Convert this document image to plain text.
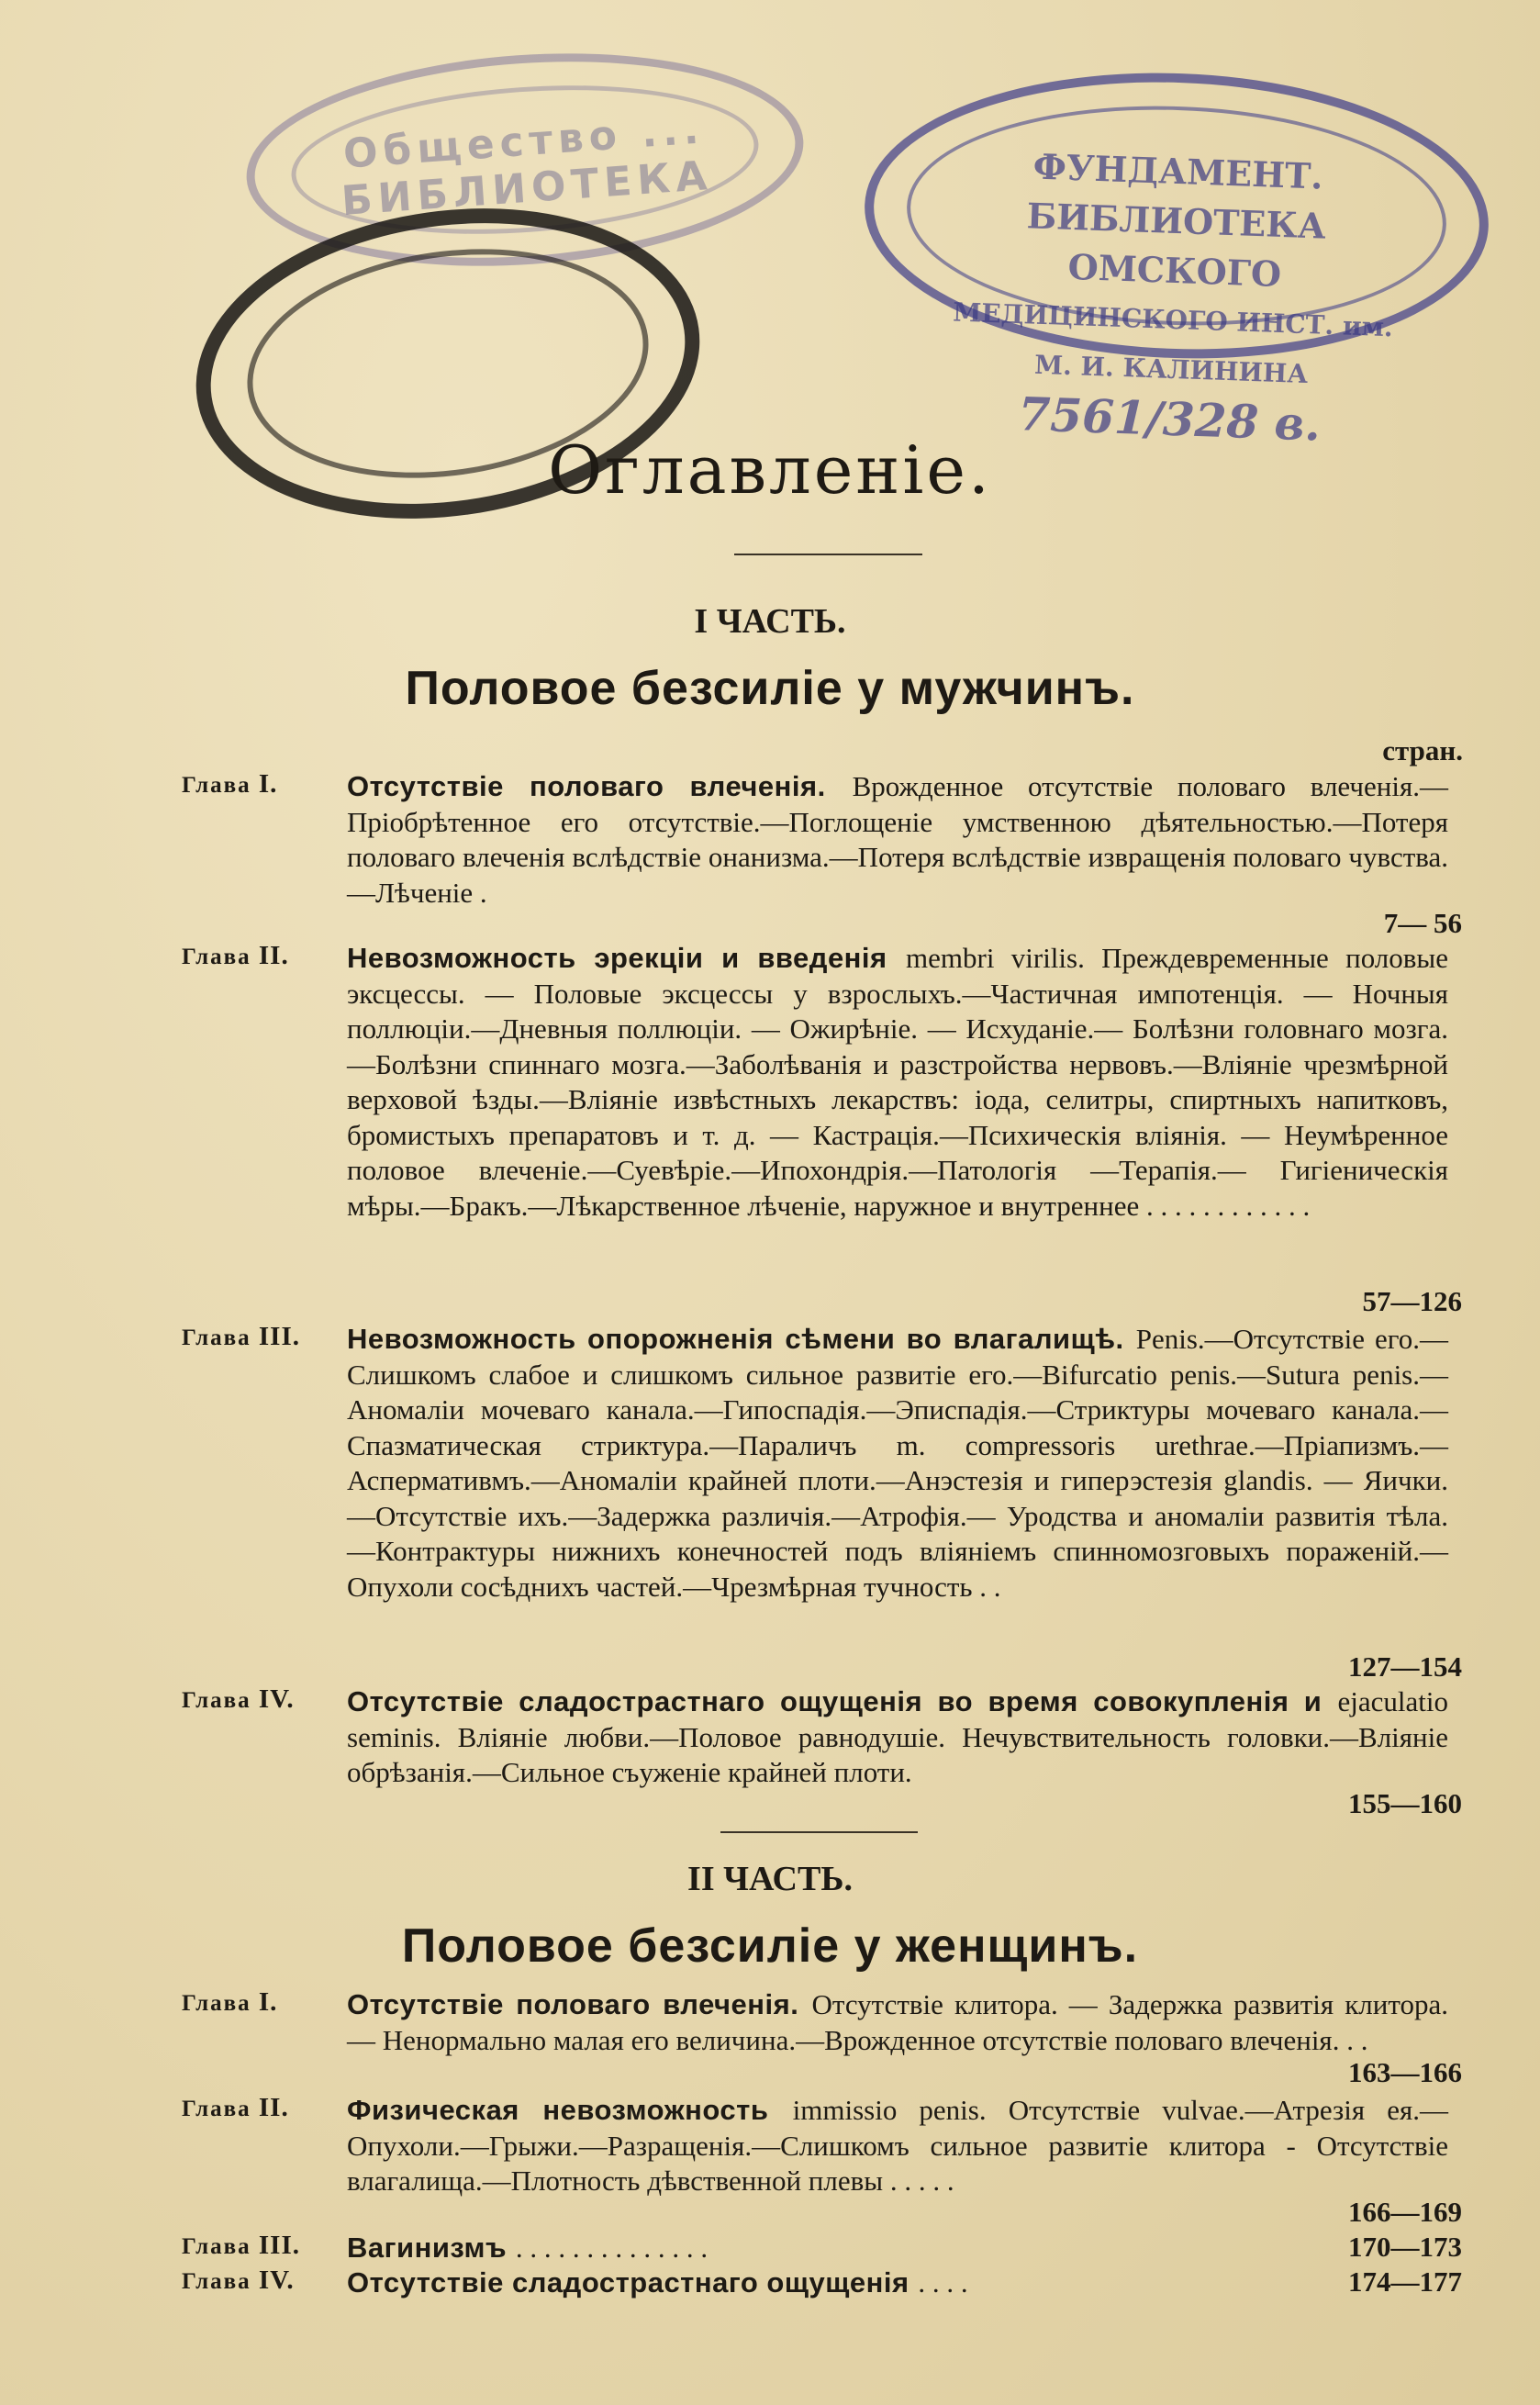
Общество ... БИБЛИОТЕКА	ФУНДАМЕНТ. БИБЛИОТЕКА
ОМСКОГО
МЕДИЦИНСКОГО ИНСТ. им. М. И. КАЛИНИНА
7561/328 в.
Оглавленіе.
I ЧАСТЬ.
Половое безсиліе у мужчинъ.
стран.
Глава I. Отсутствіе половаго влеченія. Врожденное отсутствіе половаго влеченія.—Пріобрѣтенное его отсутствіе.—Поглощеніе умственною дѣятельностью.—Потеря половаго влеченія вслѣдствіе онанизма.—Потеря вслѣдствіе извращенія половаго чувства.—Лѣченіе .
7— 56
Глава II. Невозможность эрекціи и введенія membri virilis. Преждевременные половые эксцессы. — Половые эксцессы у взрослыхъ.—Частичная импотенція. — Ночныя поллюціи.—Дневныя поллюціи. — Ожирѣніе. — Исхуданіе.— Болѣзни головнаго мозга.—Болѣзни спиннаго мозга.—Заболѣванія и разстройства нервовъ.—Вліяніе чрезмѣрной верховой ѣзды.—Вліяніе извѣстныхъ лекарствъ: іода, селитры, спиртныхъ напитковъ, бромистыхъ препаратовъ и т. д. — Кастрація.—Психическія вліянія. — Неумѣренное половое влеченіе.—Суевѣріе.—Ипохондрія.—Патологія —Терапія.— Гигіеническія мѣры.—Бракъ.—Лѣкарственное лѣченіе, наружное и внутреннее . . . . . . . . . . . .
57—126
Глава III. Невозможность опорожненія сѣмени во влагалищѣ. Penis.—Отсутствіе его.—Слишкомъ слабое и слишкомъ сильное развитіе его.—Bifurcatio penis.—Sutura penis.—Аномаліи мочеваго канала.—Гипоспадія.—Эписпадія.—Стриктуры мочеваго канала.—Спазматическая стриктура.—Параличъ m. compressoris urethrae.—Пріапизмъ.—Аспермативмъ.—Аномаліи крайней плоти.—Анэстезія и гиперэстезія glandis. — Яички.—Отсутствіе ихъ.—Задержка различія.—Атрофія.— Уродства и аномаліи развитія тѣла.—Контрактуры нижнихъ конечностей подъ вліяніемъ спинномозговыхъ пораженій.— Опухоли сосѣднихъ частей.—Чрезмѣрная тучность . .
127—154
Глава IV. Отсутствіе сладострастнаго ощущенія во время совокупленія и ejaculatio seminis. Вліяніе любви.—Половое равнодушіе. Нечувствительность головки.—Вліяніе обрѣзанія.—Сильное съуженіе крайней плоти.
155—160
II ЧАСТЬ.
Половое безсиліе у женщинъ.
Глава I. Отсутствіе половаго влеченія. Отсутствіе клитора. — Задержка развитія клитора. — Ненормально малая его величина.—Врожденное отсутствіе половаго влеченія. . .
163—166
Глава II. Физическая невозможность immissio penis. Отсутствіе vulvae.—Атрезія ея.—Опухоли.—Грыжи.—Разращенія.—Слишкомъ сильное развитіе клитора - Отсутствіе влагалища.—Плотность дѣвственной плевы . . . . .
166—169
Глава III. Вагинизмъ . . . . . . . . . . . . . .	170—173
Глава IV. Отсутствіе сладострастнаго ощущенія . . . .	174—177
